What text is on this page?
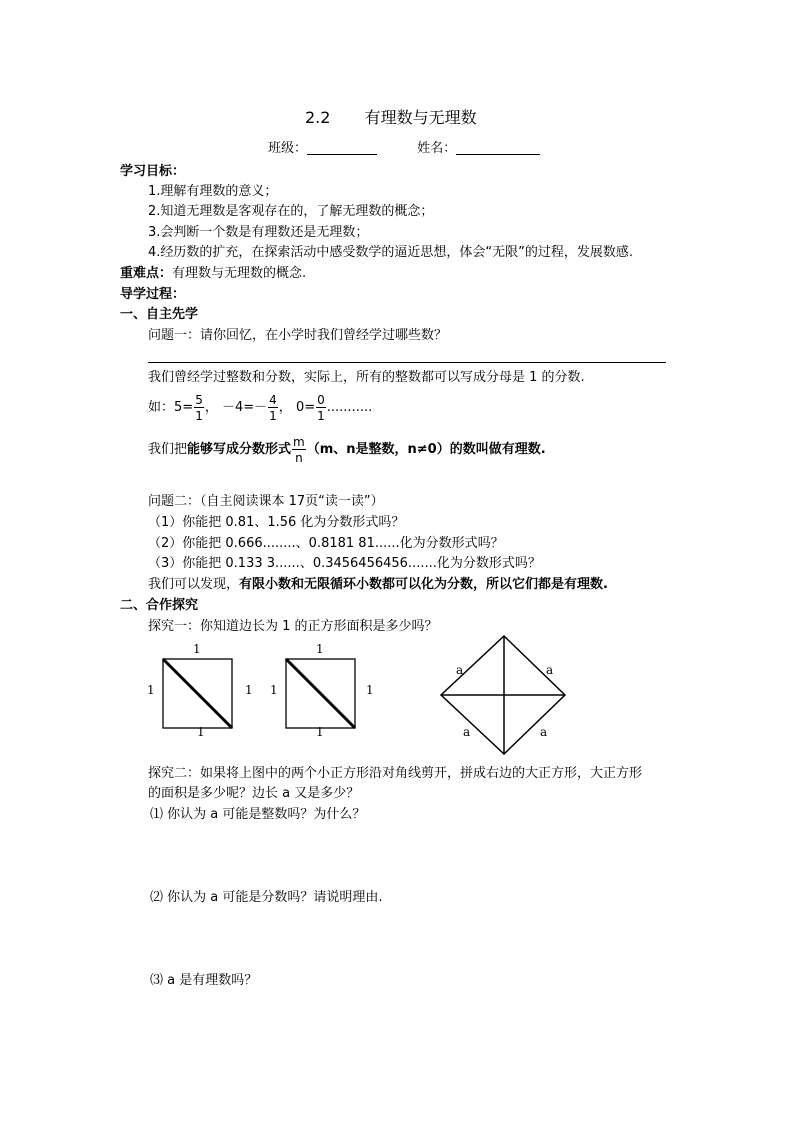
2.2 有理数与无理数
班级：	姓名：
学习目标：
1.理解有理数的意义；
2.知道无理数是客观存在的，了解无理数的概念；
3.会判断一个数是有理数还是无理数；
4.经历数的扩充，在探索活动中感受数学的逼近思想，体会“无限”的过程，发展数感.
重难点：有理数与无理数的概念.
导学过程：
一、自主先学
问题一：请你回忆，在小学时我们曾经学过哪些数？
我们曾经学过整数和分数，实际上，所有的整数都可以写成分母是 1 的分数.
如：$5= \frac{5}{1}$ ， $-4=- \frac{4}{1}$ ， $0= \frac{0}{1}$ ...........
我们把能够写成分数形式 $\frac{m}{n} (m$、n是整数，n≠0）的数叫做有理数.
问题二：（自主阅读课本 17页“读一读”）
（1）你能把 0.81、1.56 化为分数形式吗？
（2）你能把 0.666........、0.8181 81......化为分数形式吗？
（3）你能把 0.133 3......、0.3456456456.......化为分数形式吗？
我们可以发现，有限小数和无限循环小数都可以化为分数，所以它们都是有理数.
二、合作探究
探究一：你知道边长为 1 的正方形面积是多少吗？
1
1	1
1
1
1	1
1
a	a
a	a
探究二：如果将上图中的两个小正方形沿对角线剪开，拼成右边的大正方形，大正方形
的面积是多少呢？边长 a 又是多少？
⑴ 你认为 a 可能是整数吗？为什么？
⑵ 你认为 a 可能是分数吗？请说明理由.
⑶ a 是有理数吗？
